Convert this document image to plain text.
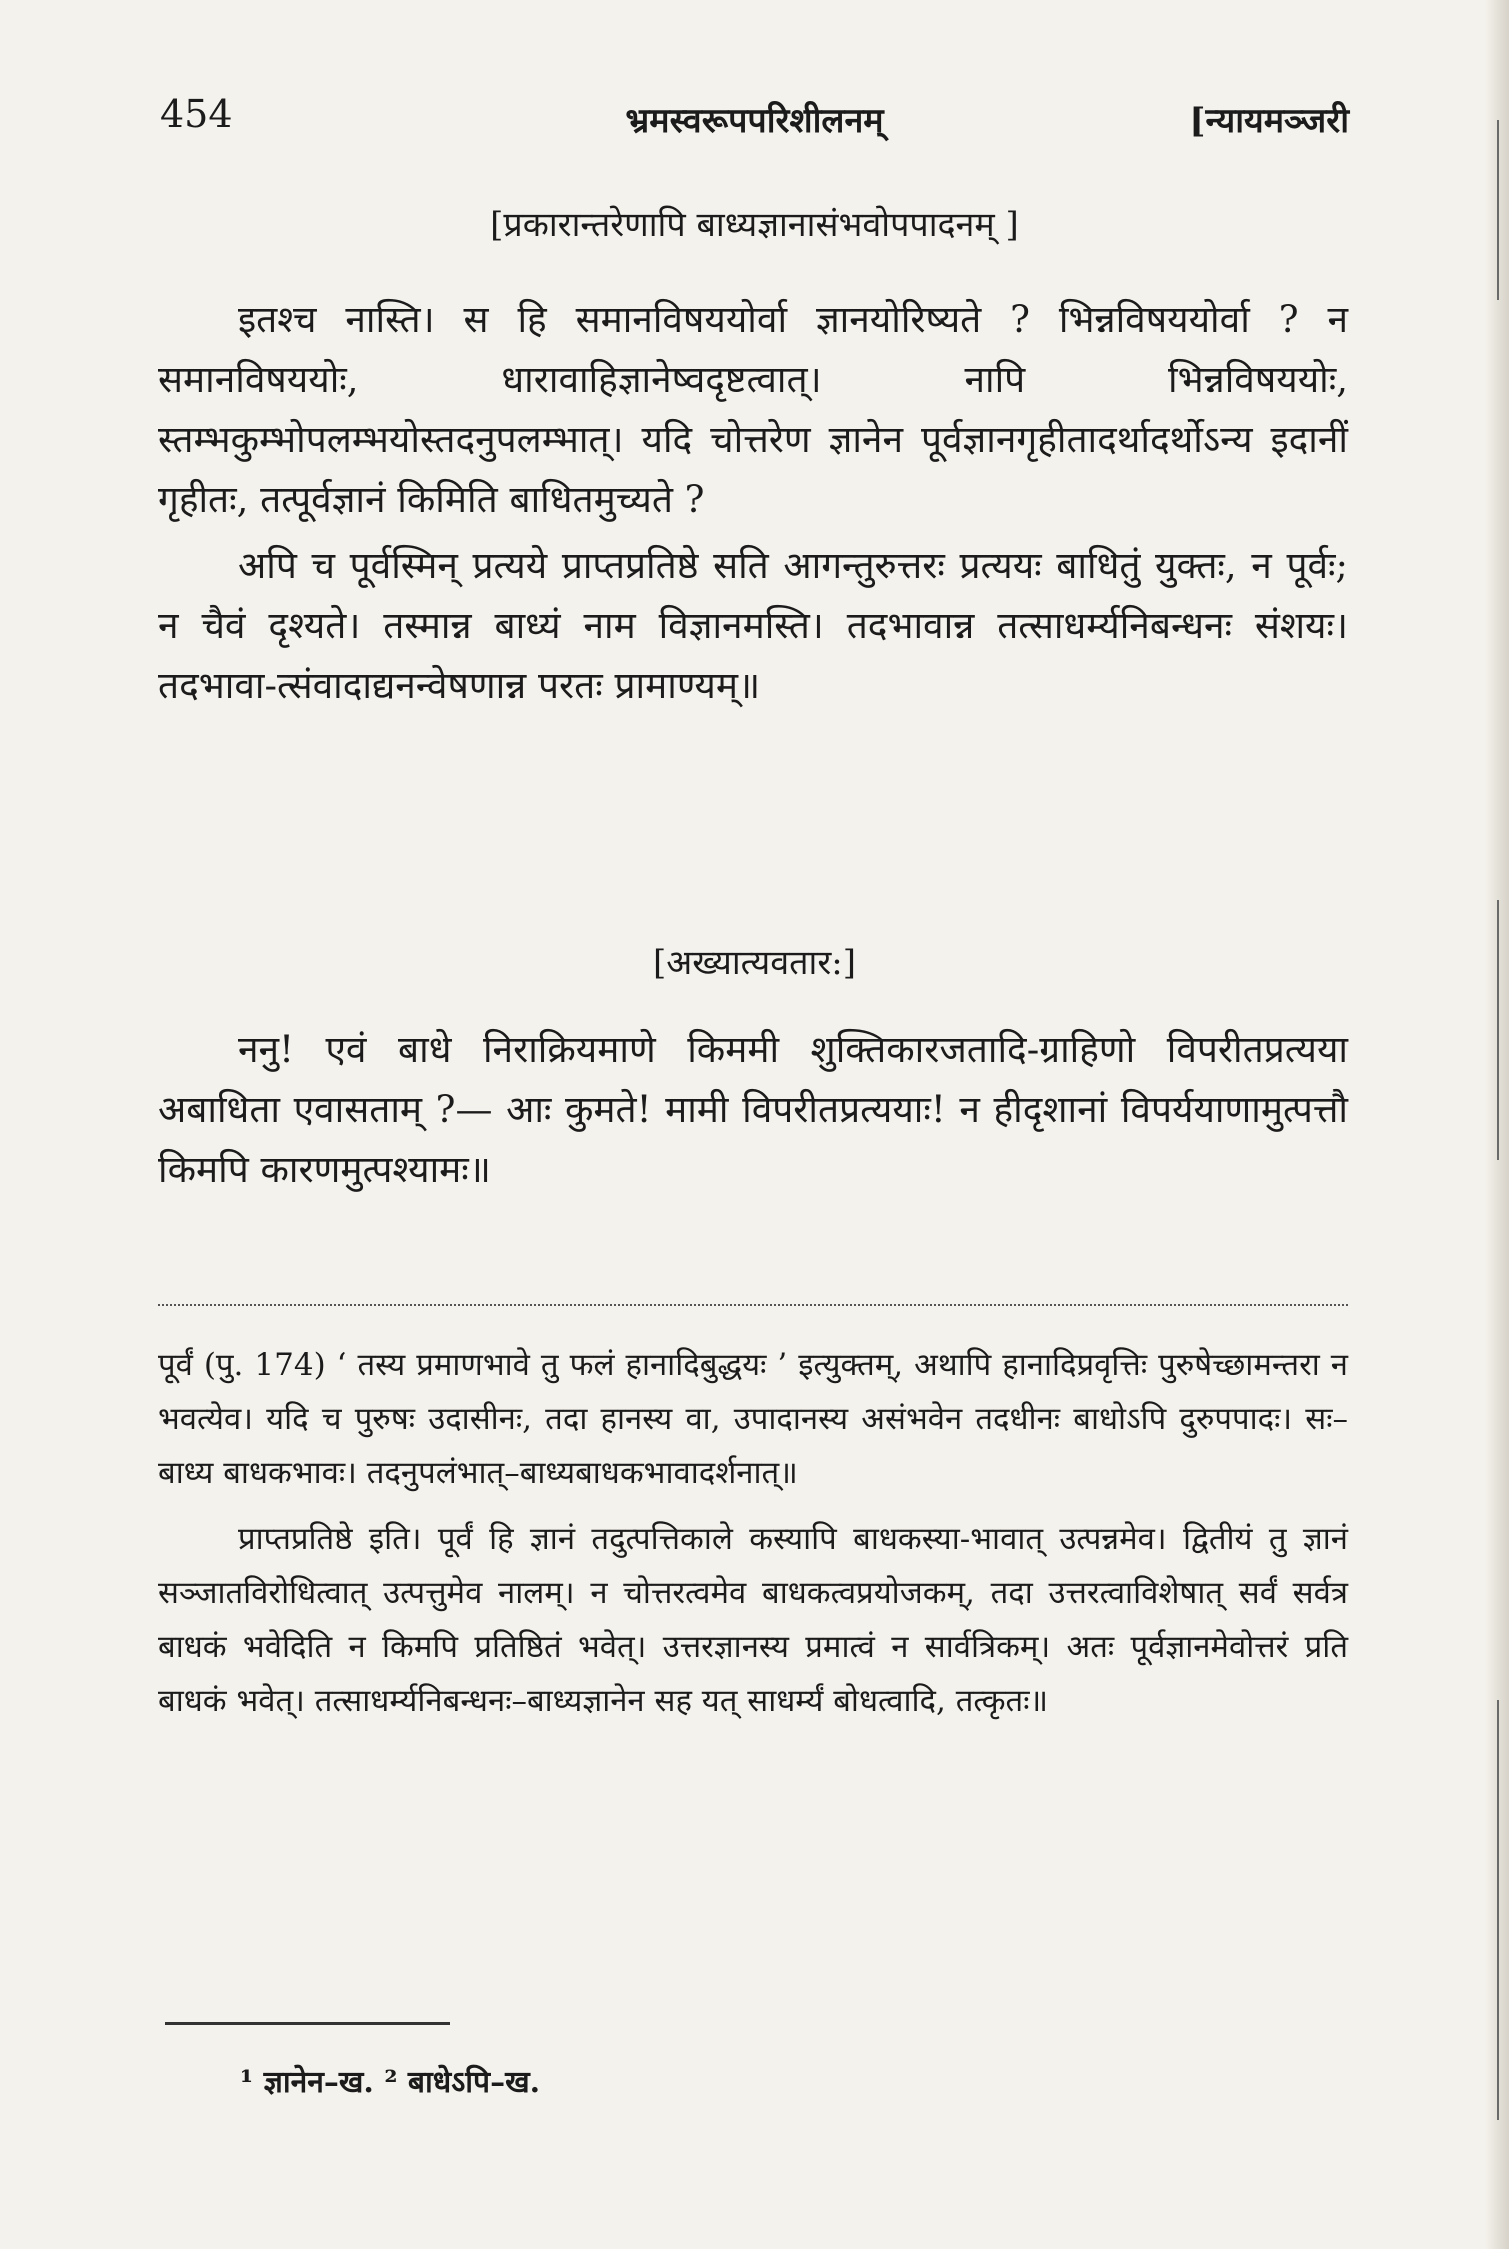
454	भ्रमस्वरूपपरिशीलनम्	[न्यायमञ्जरी
[प्रकारान्तरेणापि बाध्यज्ञानासंभवोपपादनम् ]

इतश्च नास्ति। स हि समानविषययोर्वा ज्ञानयोरिष्यते ? भिन्नविषययोर्वा ? न समानविषययोः, धारावाहिज्ञानेष्वदृष्टत्वात्। नापि भिन्नविषययोः, स्तम्भकुम्भोपलम्भयोस्तदनुपलम्भात्। यदि चोत्तरेण ज्ञानेन पूर्वज्ञानगृहीतादर्थादर्थोऽन्य इदानीं गृहीतः, तत्पूर्वज्ञानं किमिति बाधितमुच्यते ?

अपि च पूर्वस्मिन् प्रत्यये प्राप्तप्रतिष्ठे सति आगन्तुरुत्तरः प्रत्ययः बाधितुं युक्तः, न पूर्वः; न चैवं दृश्यते। तस्मान्न बाध्यं नाम विज्ञानमस्ति। तदभावान्न तत्साधर्म्यनिबन्धनः संशयः। तदभावा-त्संवादाद्यनन्वेषणान्न परतः प्रामाण्यम्॥

[अख्यात्यवतार:]

ननु! एवं बाधे निराक्रियमाणे किममी शुक्तिकारजतादि-ग्राहिणो विपरीतप्रत्यया अबाधिता एवासताम् ?— आः कुमते! मामी विपरीतप्रत्ययाः! न हीदृशानां विपर्ययाणामुत्पत्तौ किमपि कारणमुत्पश्यामः॥

पूर्वं (पु. 174) ‘ तस्य प्रमाणभावे तु फलं हानादिबुद्धयः ’ इत्युक्तम्, अथापि हानादिप्रवृत्तिः पुरुषेच्छामन्तरा न भवत्येव। यदि च पुरुषः उदासीनः, तदा हानस्य वा, उपादानस्य असंभवेन तदधीनः बाधोऽपि दुरुपपादः। सः–बाध्य बाधकभावः। तदनुपलंभात्–बाध्यबाधकभावादर्शनात्॥

प्राप्तप्रतिष्ठे इति। पूर्वं हि ज्ञानं तदुत्पत्तिकाले कस्यापि बाधकस्या-भावात् उत्पन्नमेव। द्वितीयं तु ज्ञानं सञ्जातविरोधित्वात् उत्पत्तुमेव नालम्। न चोत्तरत्वमेव बाधकत्वप्रयोजकम्, तदा उत्तरत्वाविशेषात् सर्वं सर्वत्र बाधकं भवेदिति न किमपि प्रतिष्ठितं भवेत्। उत्तरज्ञानस्य प्रमात्वं न सार्वत्रिकम्। अतः पूर्वज्ञानमेवोत्तरं प्रति बाधकं भवेत्। तत्साधर्म्यनिबन्धनः–बाध्यज्ञानेन सह यत् साधर्म्यं बोधत्वादि, तत्कृतः॥

¹ ज्ञानेन–ख. ² बाधेऽपि–ख.
